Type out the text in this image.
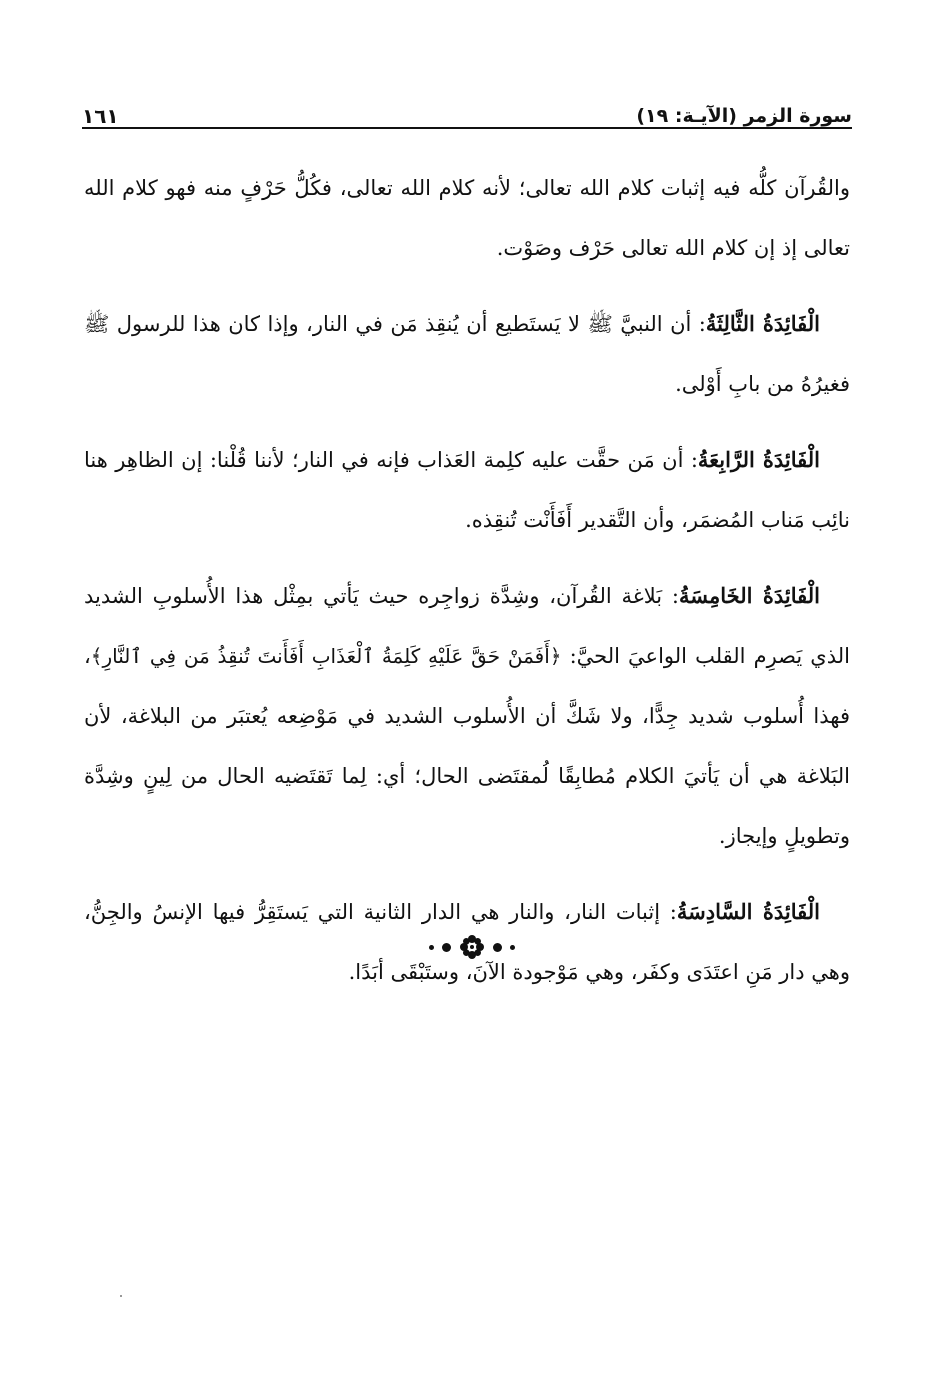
سورة الزمر (الآيـة: ١٩)
١٦١

والقُرآن كلُّه فيه إثبات كلام الله تعالى؛ لأنه كلام الله تعالى، فكُلُّ حَرْفٍ منه فهو كلام الله تعالى إذ إن كلام الله تعالى حَرْف وصَوْت.

الْفَائِدَةُ الثَّالِثَةُ: أن النبيَّ ﷺ لا يَستَطيع أن يُنقِذ مَن في النار، وإذا كان هذا للرسول ﷺ فغيرُهُ من بابِ أَوْلى.

الْفَائِدَةُ الرَّابِعَةُ: أن مَن حقَّت عليه كلِمة العَذاب فإنه في النار؛ لأننا قُلْنا: إن الظاهِر هنا نائِب مَناب المُضمَر، وأن التَّقدير أَفَأَنْت تُنقِذه.

الْفَائِدَةُ الخَامِسَةُ: بَلاغة القُرآن، وشِدَّة زواجِره حيث يَأتي بمِثْل هذا الأُسلوبِ الشديد الذي يَصرِم القلب الواعيَ الحيَّ: ﴿أَفَمَنْ حَقَّ عَلَيْهِ كَلِمَةُ ٱلْعَذَابِ أَفَأَنتَ تُنقِذُ مَن فِي ٱلنَّارِ﴾، فهذا أُسلوب شديد جِدًّا، ولا شَكَّ أن الأُسلوب الشديد في مَوْضِعه يُعتبَر من البلاغة، لأن البَلاغة هي أن يَأتيَ الكلام مُطابِقًا لُمقتَضى الحال؛ أي: لِما تَقتَضيه الحال من لِينٍ وشِدَّة وتطويلٍ وإيجاز.

الْفَائِدَةُ السَّادِسَةُ: إثبات النار، والنار هي الدار الثانية التي يَستَقِرُّ فيها الإنسُ والجِنُّ، وهي دار مَنِ اعتَدَى وكفَر، وهي مَوْجودة الآنَ، وستَبْقَى أبَدًا.
